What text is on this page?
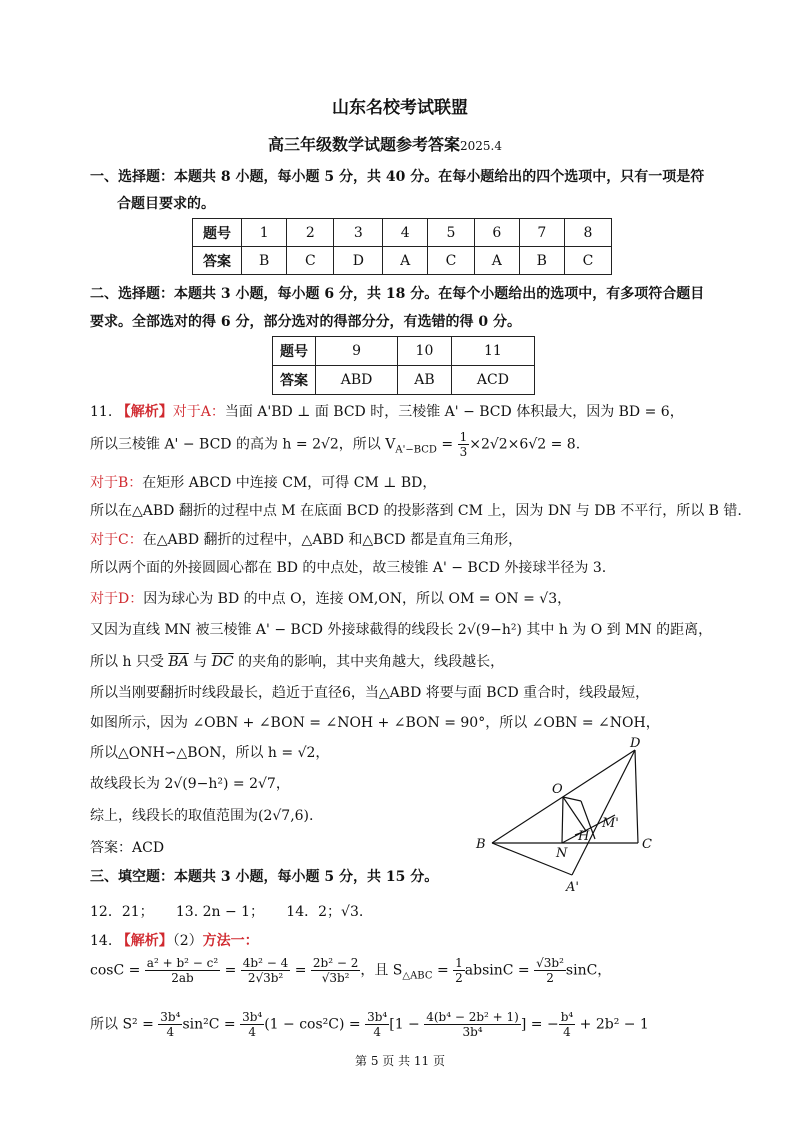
山东名校考试联盟
高三年级数学试题参考答案2025.4
一、选择题：本题共 8 小题，每小题 5 分，共 40 分。在每小题给出的四个选项中，只有一项是符
合题目要求的。
题号	1	2	3	4	5	6	7	8
答案	B	C	D	A	C	A	B	C
二、选择题：本题共 3 小题，每小题 6 分，共 18 分。在每个小题给出的选项中，有多项符合题目
要求。全部选对的得 6 分，部分选对的得部分分，有选错的得 0 分。
题号	9	10	11
答案	ABD	AB	ACD
11. 【解析】对于A：当面 A'BD ⊥ 面 BCD 时，三棱锥 A' − BCD 体积最大，因为 BD = 6，
所以三棱锥 A' − BCD 的高为 h = 2√2，所以 $V_{A'-BCD} = \frac{1}{3} \times 2√2\times 6√2 = 8$.
对于B：在矩形 ABCD 中连接 CM，可得 CM ⊥ BD，
所以在△ABD 翻折的过程中点 M 在底面 BCD 的投影落到 CM 上，因为 DN 与 DB 不平行，所以 B 错.
对于C：在△ABD 翻折的过程中，△ABD 和△BCD 都是直角三角形，
所以两个面的外接圆圆心都在 BD 的中点处，故三棱锥 A' − BCD 外接球半径为 3.
对于D：因为球心为 BD 的中点 O，连接 OM,ON，所以 OM = ON = √3，
又因为直线 MN 被三棱锥 A' − BCD 外接球截得的线段长 2√(9−h²) 其中 h 为 O 到 MN 的距离，
所以 h 只受 $\overline{BA}$ 与 $\overline{DC}$ 的夹角的影响，其中夹角越大，线段越长，
所以当刚要翻折时线段最长，趋近于直径6，当△ABD 将要与面 BCD 重合时，线段最短，
如图所示，因为 ∠OBN + ∠BON = ∠NOH + ∠BON = 90°，所以 ∠OBN = ∠NOH，
所以△ONH∽△BON，所以 h = √2，
故线段长为 2√(9−h²) = 2√7，
综上，线段长的取值范围为(2√7,6).
答案：ACD
D
O
M'
H
B
N
C
A'
三、填空题：本题共 3 小题，每小题 5 分，共 15 分。
12．21；     13. 2n − 1；     14．2；√3.
14. 【解析】（2）方法一：
$\cos C = \frac{\text{a² + b² − c²}}{2ab} = \frac{\text{4b² − 4}}{\text{2√3b²}} = \frac{\text{2b² − 2}}{\text{√3b²}}$ ，且 $S_{\triangle ABC} = \frac{1}{2}$ $absinC = \frac{\text{√3b²}}{2}$ sinC，
所以 $S^2 = \frac{\text{3b⁴}}{4} \sin^2C = \frac{\text{3b⁴}}{4} (1 - \cos^2C) = \frac{\text{3b⁴}}{4} [1 - \frac{\text{4(b⁴ − 2b² + 1)}}{\text{3b⁴}}$ ] = − $\frac{\text{b⁴}}{4} + 2b^2 - 1$
第 5 页 共 11 页
